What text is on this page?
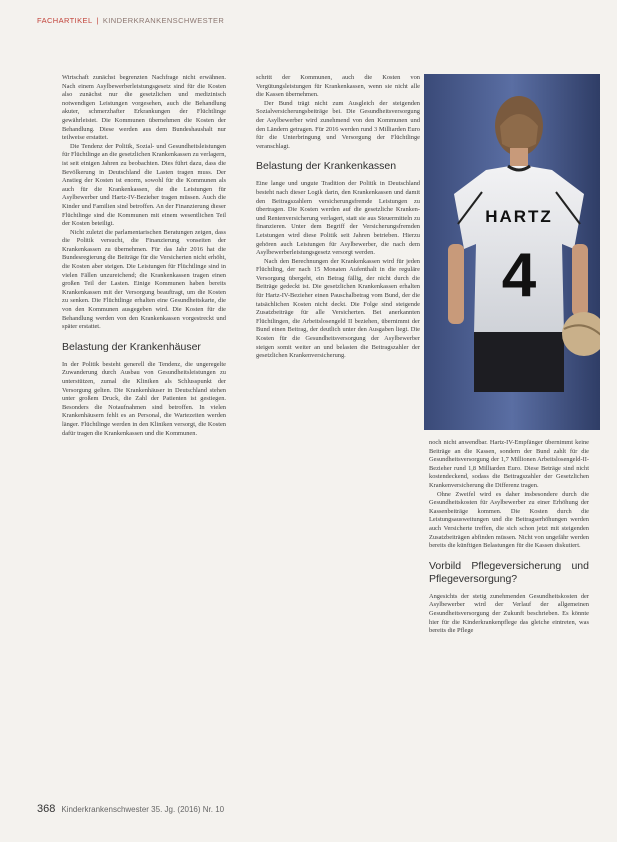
FACHARTIKEL | KINDERKRANKENSCHWESTER

Wirtschaft zunächst begrenzten Nachfrage nicht erwähnen. Nach einem Asylbewerberleistungsgesetz sind für die Kosten also zunächst nur die gesetzlichen und medizinisch notwendigen Leistungen vorgesehen, auch die Behandlung akuter, schmerzhafter Erkrankungen der Flüchtlinge gewährleistet. Die Kommunen übernehmen die Kosten der Behandlung. Diese werden aus dem Bundeshaushalt nur teilweise erstattet.

Die Tendenz der Politik, Sozial- und Gesundheitsleistungen für Flüchtlinge an die gesetzlichen Krankenkassen zu verlagern, ist seit einigen Jahren zu beobachten. Dies führt dazu, dass die Bevölkerung in Deutschland die Lasten tragen muss. Der Anstieg der Kosten ist enorm, sowohl für die Kommunen als auch für die Krankenkassen, die die Leistungen für Asylbewerber und Hartz-IV-Bezieher tragen müssen. Auch die Kinder und Familien sind betroffen. An der Finanzierung dieser Flüchtlinge sind die Kommunen mit einem wesentlichen Teil der Kosten beteiligt.

Nicht zuletzt die parlamentarischen Beratungen zeigen, dass die Politik versucht, die Finanzierung vonseiten der Krankenkassen zu übernehmen. Für das Jahr 2016 hat die Bundesregierung die Beiträge für die Versicherten nicht erhöht, die Kosten aber steigen. Die Leistungen für Flüchtlinge sind in vielen Fällen unzureichend; die Krankenkassen tragen einen großen Teil der Lasten. Einige Kommunen haben bereits Krankenkassen mit der Versorgung beauftragt, um die Kosten zu senken. Die Flüchtlinge erhalten eine Gesundheitskarte, die von den Kommunen ausgegeben wird. Die Kosten für die Behandlung werden von den Krankenkassen vorgestreckt und später erstattet.

Belastung der Krankenhäuser

In der Politik besteht generell die Tendenz, die ungeregelte Zuwanderung durch Ausbau von Gesundheitsleistungen zu unterstützen, zumal die Kliniken als Schlusspunkt der Versorgung gelten. Die Krankenhäuser in Deutschland stehen unter großem Druck, die Zahl der Patienten ist gestiegen. Besonders die Notaufnahmen sind betroffen. In vielen Krankenhäusern fehlt es an Personal, die Wartezeiten werden länger. Flüchtlinge werden in den Kliniken versorgt, die Kosten dafür tragen die Krankenkassen und die Kommunen.

schritt der Kommunen, auch die Kosten von Vergütungsleistungen für Krankenkassen, wenn sie nicht alle die Kassen übernehmen.

Der Bund trägt nicht zum Ausgleich der steigenden Sozialversicherungsbeiträge bei. Die Gesundheitsversorgung der Asylbewerber wird zunehmend von den Kommunen und den Ländern getragen. Für 2016 werden rund 3 Milliarden Euro für die Unterbringung und Versorgung der Flüchtlinge veranschlagt.

Belastung der Krankenkassen

Eine lange und ungute Tradition der Politik in Deutschland besteht nach dieser Logik darin, den Krankenkassen und damit den Beitragszahlern versicherungsfremde Leistungen zu übertragen. Die Kosten werden auf die gesetzliche Kranken- und Rentenversicherung verlagert, statt sie aus Steuermitteln zu finanzieren. Unter dem Begriff der Versicherungsfremden Leistungen wird diese Politik seit Jahren betrieben. Hierzu gehören auch Leistungen für Asylbewerber, die nach dem Asylbewerberleistungsgesetz versorgt werden.

Nach den Berechnungen der Krankenkassen wird für jeden Flüchtling, der nach 15 Monaten Aufenthalt in die reguläre Versorgung übergeht, ein Betrag fällig, der nicht durch die Beiträge gedeckt ist. Die gesetzlichen Krankenkassen erhalten für Hartz-IV-Bezieher einen Pauschalbetrag vom Bund, der die tatsächlichen Kosten nicht deckt. Die Folge sind steigende Zusatzbeiträge für alle Versicherten. Bei anerkannten Flüchtlingen, die Arbeitslosengeld II beziehen, übernimmt der Bund einen Beitrag, der deutlich unter den Ausgaben liegt. Die Kosten für die Gesundheitsversorgung der Asylbewerber steigen somit weiter an und belasten die Beitragszahler der gesetzlichen Krankenversicherung.

HARTZ
4

noch nicht anwendbar. Hartz-IV-Empfänger übernimmt keine Beiträge an die Kassen, sondern der Bund zahlt für die Gesundheitsversorgung der 1,7 Millionen Arbeitslosengeld-II-Bezieher rund 1,8 Milliarden Euro. Diese Beträge sind nicht kostendeckend, sodass die Beitragszahler der Gesetzlichen Krankenversicherung die Differenz tragen.

Ohne Zweifel wird es daher insbesondere durch die Gesundheitskosten für Asylbewerber zu einer Erhöhung der Kassenbeiträge kommen. Die Kosten durch die Leistungsausweitungen und die Beitragserhöhungen werden auch Versicherte treffen, die sich schon jetzt mit steigenden Zusatzbeiträgen abfinden müssen. Nicht von ungefähr werden bereits die künftigen Belastungen für die Kassen diskutiert.

Vorbild Pflegeversicherung und Pflegeversorgung?

Angesichts der stetig zunehmenden Gesundheitskosten der Asylbewerber wird der Verlauf der allgemeinen Gesundheitsversorgung der Zukunft beschrieben. Es könnte hier für die Kinderkrankenpflege das gleiche eintreten, was bereits die Pflege

368 Kinderkrankenschwester 35. Jg. (2016) Nr. 10
